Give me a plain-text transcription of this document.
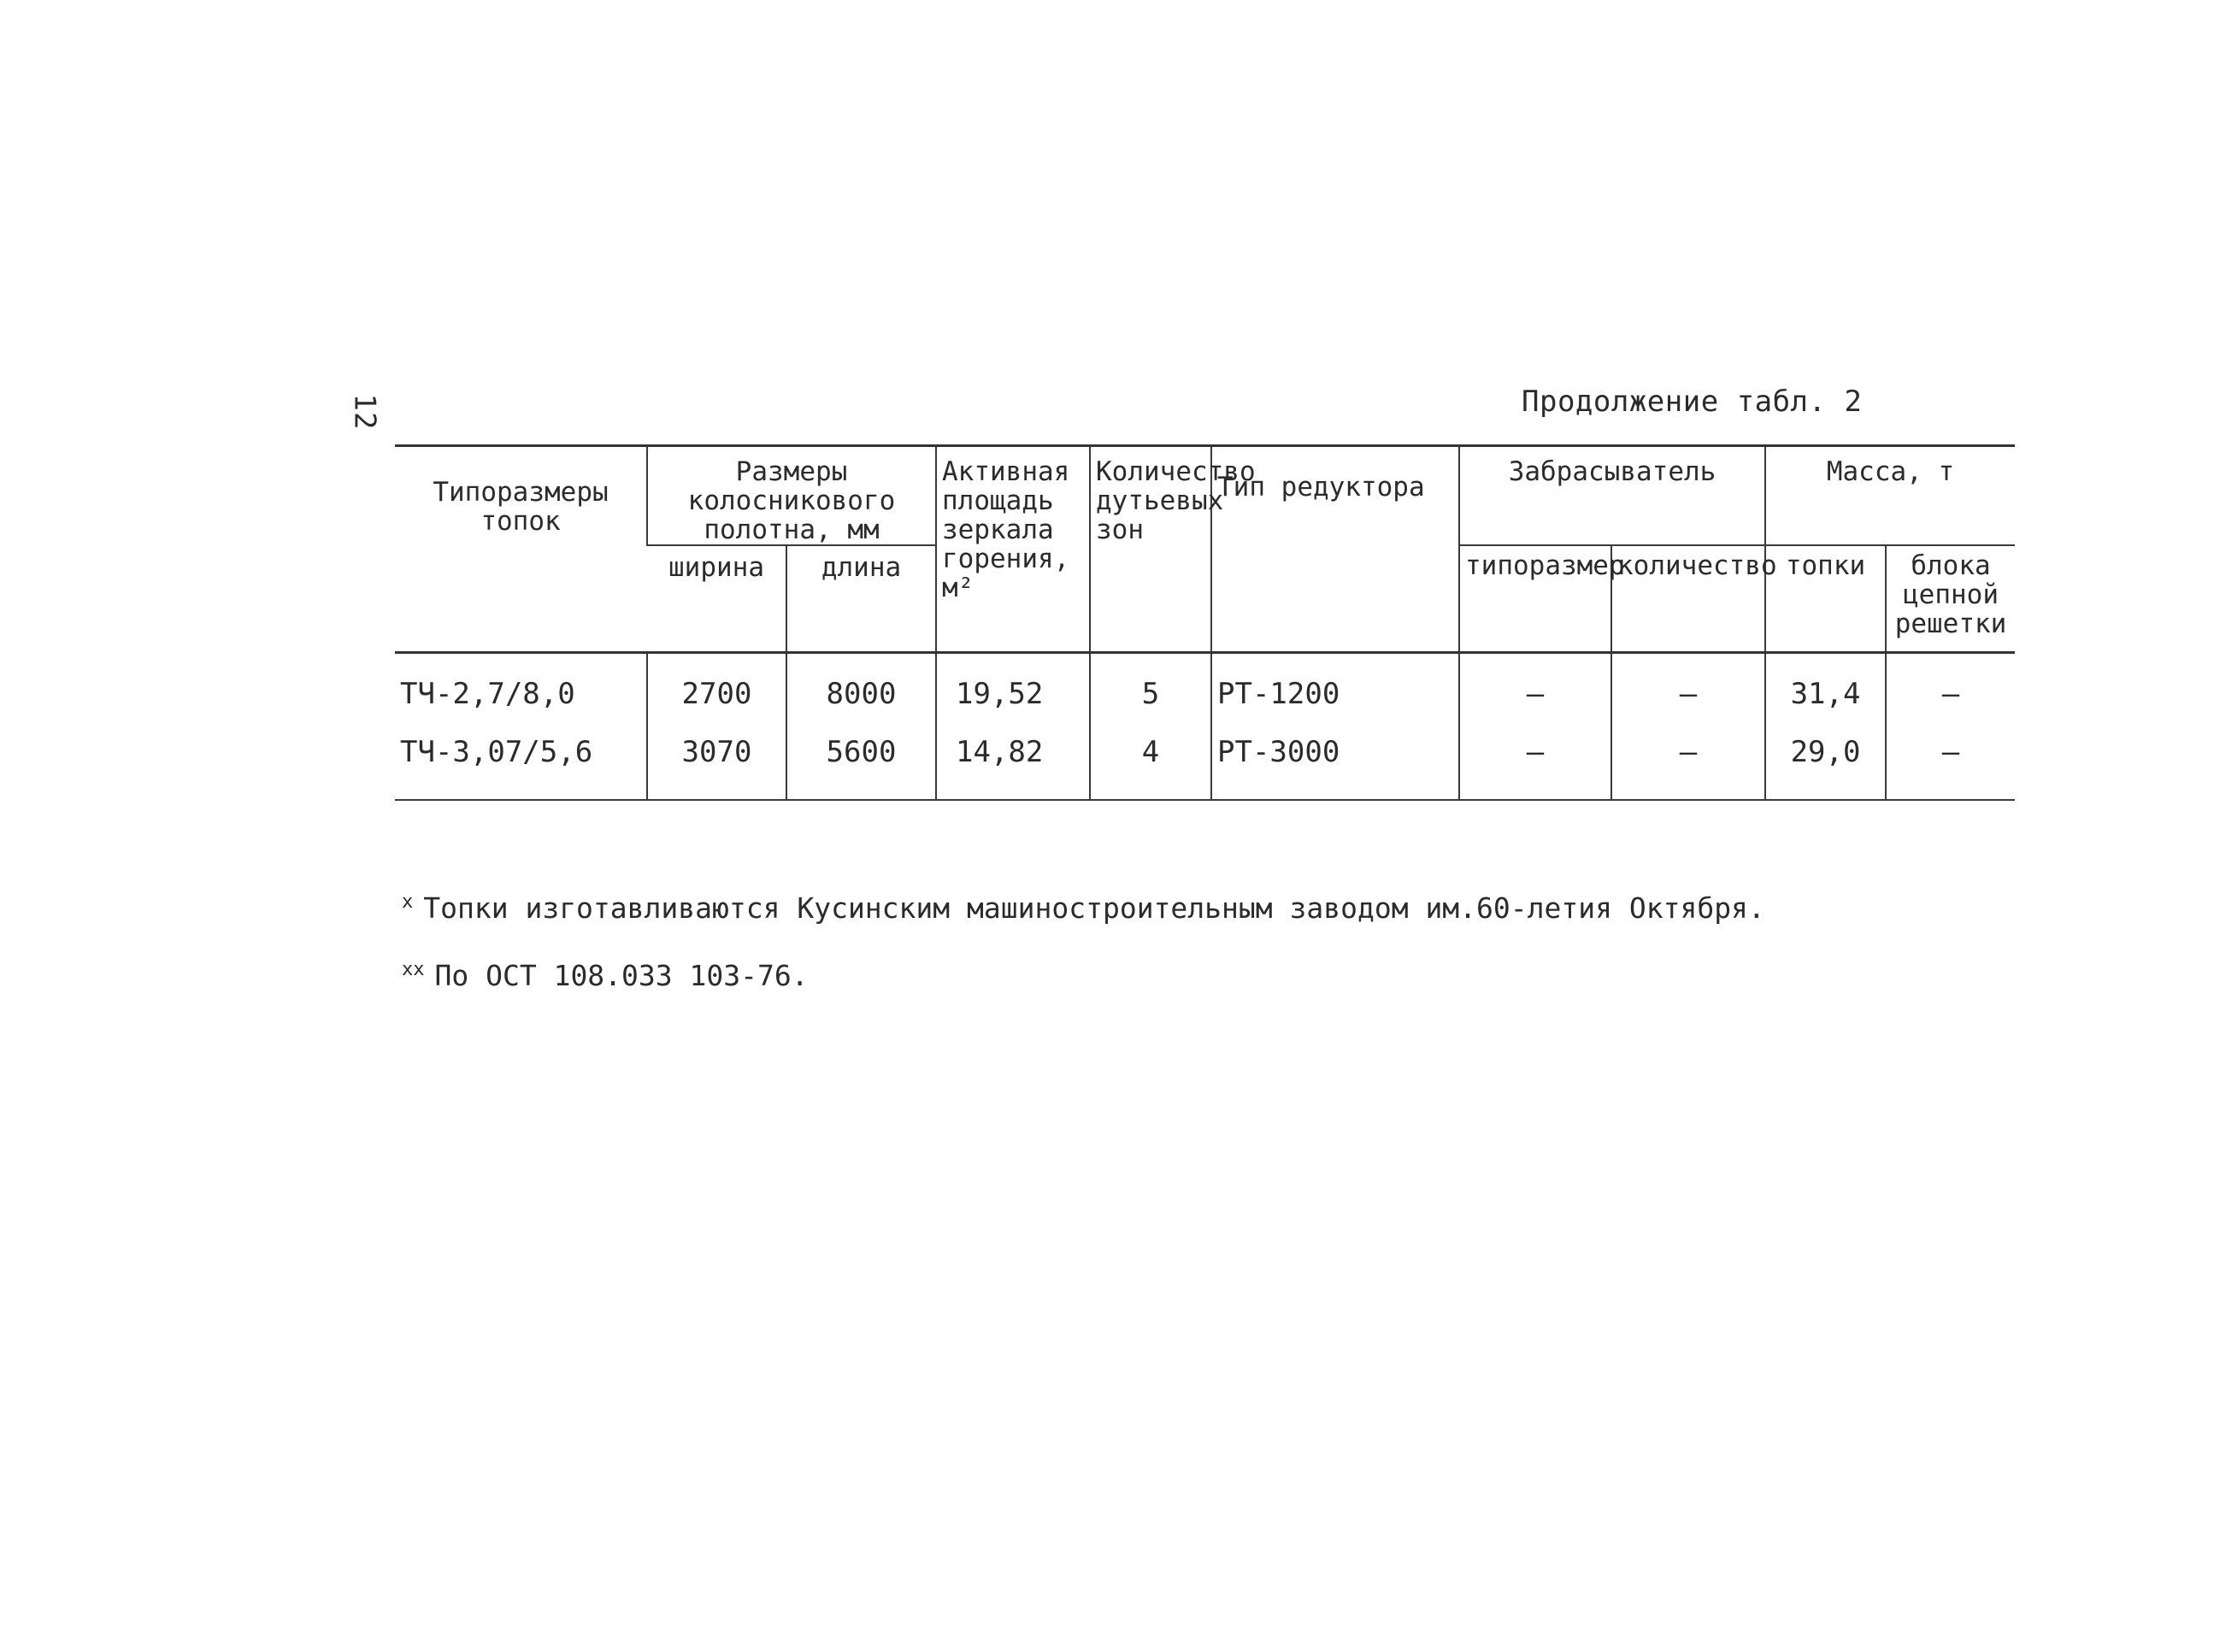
12	Продолжение табл. 2
Типоразмеры топок	Размеры колосникового полотна, мм		Активная площадь зеркала горения, м²	Количество дутьевых зон	Тип редуктора	Забрасыватель		Масса, т	
	ширина	длина				типоразмер	количество	топки	блока цепной решетки
ТЧ-2,7/8,0	2700	8000	19,52	5	РТ-1200	–	–	31,4	–
ТЧ-3,07/5,6	3070	5600	14,82	4	РТ-3000	–	–	29,0	–
$^x$ Топки изготавливаются Кусинским машиностроительным заводом им.60-летия Октября.
$^{xx}$ По ОСТ 108.033 103-76.
